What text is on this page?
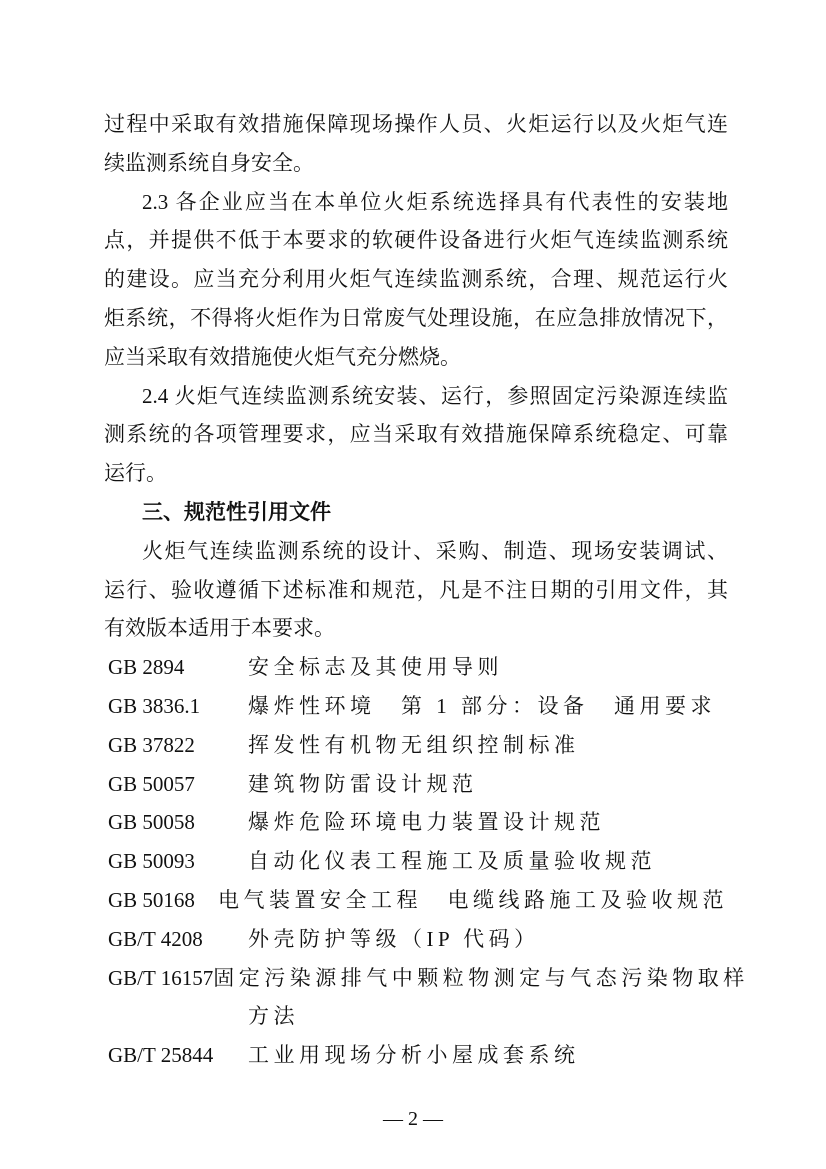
过程中采取有效措施保障现场操作人员、火炬运行以及火炬气连
续监测系统自身安全。
2.3 各企业应当在本单位火炬系统选择具有代表性的安装地
点，并提供不低于本要求的软硬件设备进行火炬气连续监测系统
的建设。应当充分利用火炬气连续监测系统，合理、规范运行火
炬系统，不得将火炬作为日常废气处理设施，在应急排放情况下，
应当采取有效措施使火炬气充分燃烧。
2.4 火炬气连续监测系统安装、运行，参照固定污染源连续监
测系统的各项管理要求，应当采取有效措施保障系统稳定、可靠
运行。
三、规范性引用文件
火炬气连续监测系统的设计、采购、制造、现场安装调试、
运行、验收遵循下述标准和规范，凡是不注日期的引用文件，其
有效版本适用于本要求。
GB 2894	安全标志及其使用导则
GB 3836.1	爆炸性环境　第 1 部分：设备　通用要求
GB 37822	挥发性有机物无组织控制标准
GB 50057	建筑物防雷设计规范
GB 50058	爆炸危险环境电力装置设计规范
GB 50093	自动化仪表工程施工及质量验收规范
GB 50168	电气装置安全工程　电缆线路施工及验收规范
GB/T 4208	外壳防护等级（IP 代码）
GB/T 16157 固定污染源排气中颗粒物测定与气态污染物取样
方法
GB/T 25844	工业用现场分析小屋成套系统
— 2 —
